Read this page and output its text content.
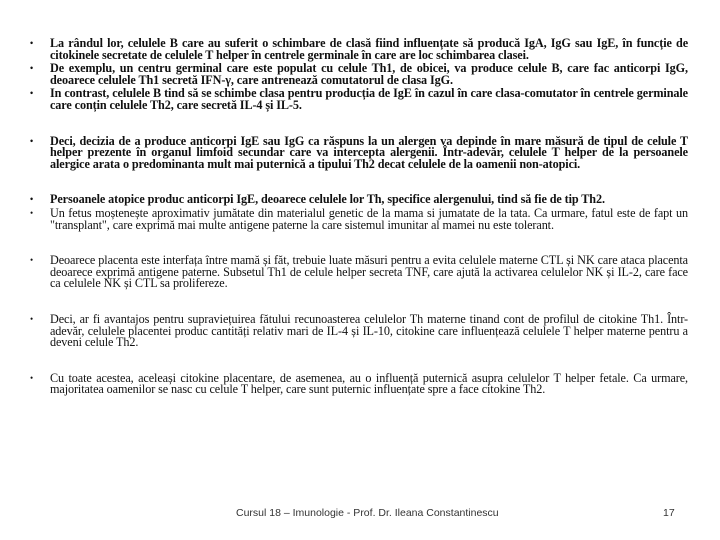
•	La rândul lor, celulele B care au suferit o schimbare de clasă fiind influențate să producă IgA, IgG sau IgE, în funcție de citokinele secretate de celulele T helper în centrele germinale în care are loc schimbarea clasei.
•	De exemplu, un centru germinal care este populat cu celule Th1, de obicei, va produce celule B, care fac anticorpi IgG, deoarece celulele Th1 secretă IFN-γ, care antrenează comutatorul de clasa IgG.
•	In contrast, celulele B tind să se schimbe clasa pentru producția de IgE în cazul în care clasa-comutator în centrele germinale care conțin celulele Th2, care secretă IL-4 și IL-5.
•	Deci, decizia de a produce anticorpi IgE sau IgG ca răspuns la un alergen va depinde în mare măsură de tipul de celule T helper prezente în organul limfoid secundar care va intercepta alergenii. Într-adevăr, celulele T helper de la persoanele alergice arata o predominanta mult mai puternică a tipului Th2 decat celulele de la oamenii non-atopici.
•	Persoanele atopice produc anticorpi IgE, deoarece celulele lor Th, specifice alergenului, tind să fie de tip Th2.
•	Un fetus moștenește aproximativ jumătate din materialul genetic de la mama si jumatate de la tata. Ca urmare, fatul este de fapt un "transplant", care exprimă mai multe antigene paterne la care sistemul imunitar al mamei nu este tolerant.
•	Deoarece placenta este interfața între mamă și făt, trebuie luate măsuri pentru a evita celulele materne CTL și NK care ataca placenta deoarece exprimă antigene paterne. Subsetul Th1 de celule helper secreta TNF, care ajută la activarea celulelor NK și IL-2, care face ca celulele NK și CTL sa prolifereze.
•	Deci, ar fi avantajos pentru supraviețuirea fătului recunoasterea celulelor Th materne tinand cont de profilul de citokine Th1. Într-adevăr, celulele placentei produc cantități relativ mari de IL-4 și IL-10, citokine care influențează celulele T helper materne pentru a deveni celule Th2.
•	Cu toate acestea, aceleași citokine placentare, de asemenea, au o influență puternică asupra celulelor T helper fetale. Ca urmare, majoritatea oamenilor se nasc cu celule T helper, care sunt puternic influențate spre a face citokine Th2.
Cursul 18 – Imunologie - Prof. Dr. Ileana Constantinescu	17
